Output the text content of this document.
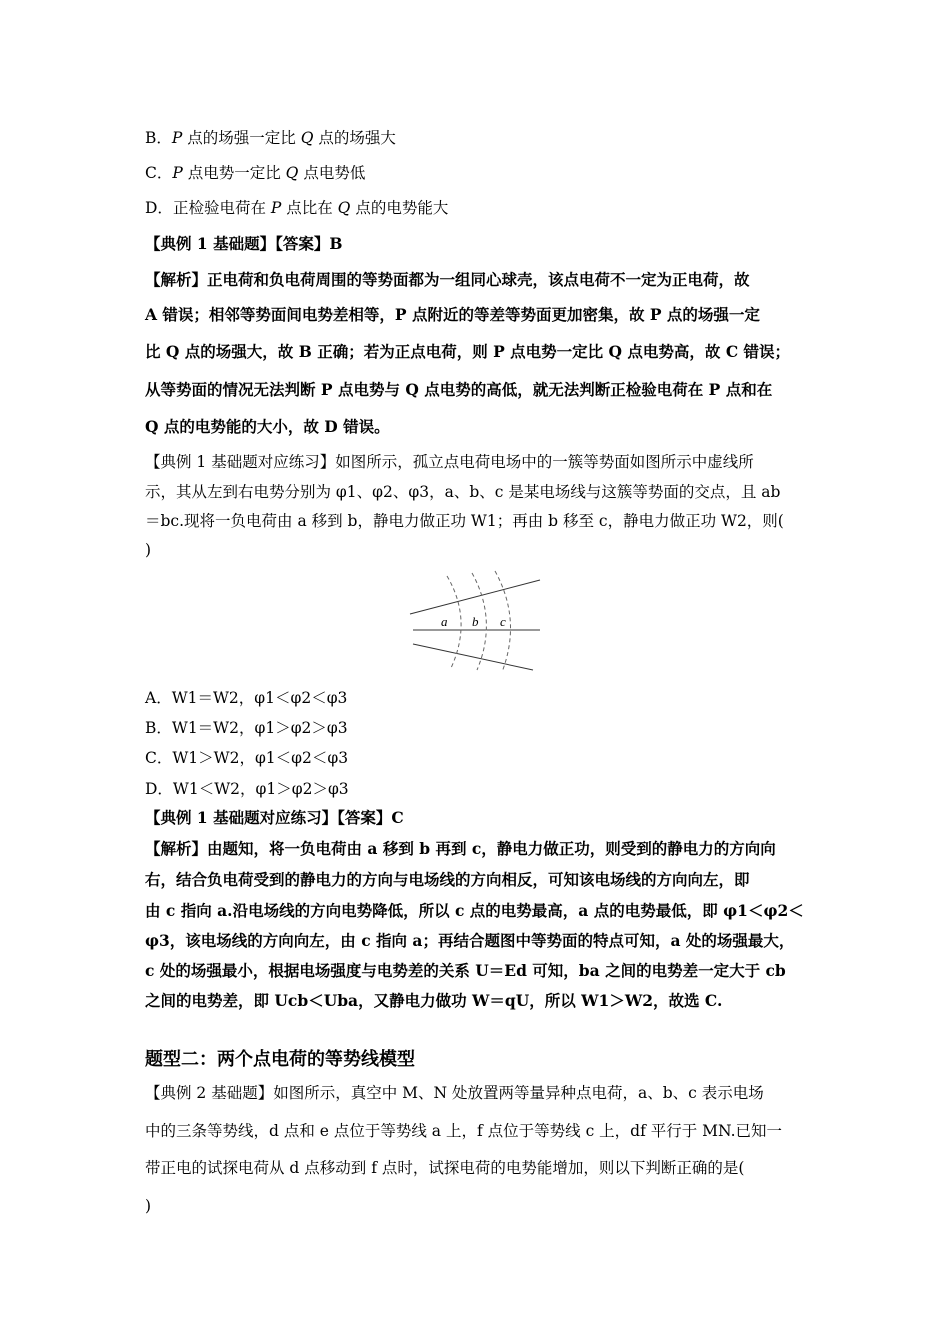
B．P 点的场强一定比 Q 点的场强大
C．P 点电势一定比 Q 点电势低
D．正检验电荷在 P 点比在 Q 点的电势能大
【典例 1 基础题】【答案】B
【解析】正电荷和负电荷周围的等势面都为一组同心球壳，该点电荷不一定为正电荷，故
A 错误；相邻等势面间电势差相等，P 点附近的等差等势面更加密集，故 P 点的场强一定
比 Q 点的场强大，故 B 正确；若为正点电荷，则 P 点电势一定比 Q 点电势高，故 C 错误；
从等势面的情况无法判断 P 点电势与 Q 点电势的高低，就无法判断正检验电荷在 P 点和在
Q 点的电势能的大小，故 D 错误。
【典例 1 基础题对应练习】如图所示，孤立点电荷电场中的一簇等势面如图所示中虚线所
示，其从左到右电势分别为 φ1、φ2、φ3，a、b、c 是某电场线与这簇等势面的交点，且 ab
＝bc.现将一负电荷由 a 移到 b，静电力做正功 W1；再由 b 移至 c，静电力做正功 W2，则(
)
a b c
A．W1＝W2，φ1＜φ2＜φ3
B．W1＝W2，φ1＞φ2＞φ3
C．W1＞W2，φ1＜φ2＜φ3
D．W1＜W2，φ1＞φ2＞φ3
【典例 1 基础题对应练习】【答案】C
【解析】由题知，将一负电荷由 a 移到 b 再到 c，静电力做正功，则受到的静电力的方向向
右，结合负电荷受到的静电力的方向与电场线的方向相反，可知该电场线的方向向左，即
由 c 指向 a.沿电场线的方向电势降低，所以 c 点的电势最高，a 点的电势最低，即 φ1＜φ2＜
φ3，该电场线的方向向左，由 c 指向 a；再结合题图中等势面的特点可知，a 处的场强最大，
c 处的场强最小，根据电场强度与电势差的关系 U＝Ed 可知，ba 之间的电势差一定大于 cb
之间的电势差，即 Ucb＜Uba，又静电力做功 W＝qU，所以 W1＞W2，故选 C.
题型二：两个点电荷的等势线模型
【典例 2 基础题】如图所示，真空中 M、N 处放置两等量异种点电荷，a、b、c 表示电场
中的三条等势线，d 点和 e 点位于等势线 a 上，f 点位于等势线 c 上，df 平行于 MN.已知一
带正电的试探电荷从 d 点移动到 f 点时，试探电荷的电势能增加，则以下判断正确的是(
)
